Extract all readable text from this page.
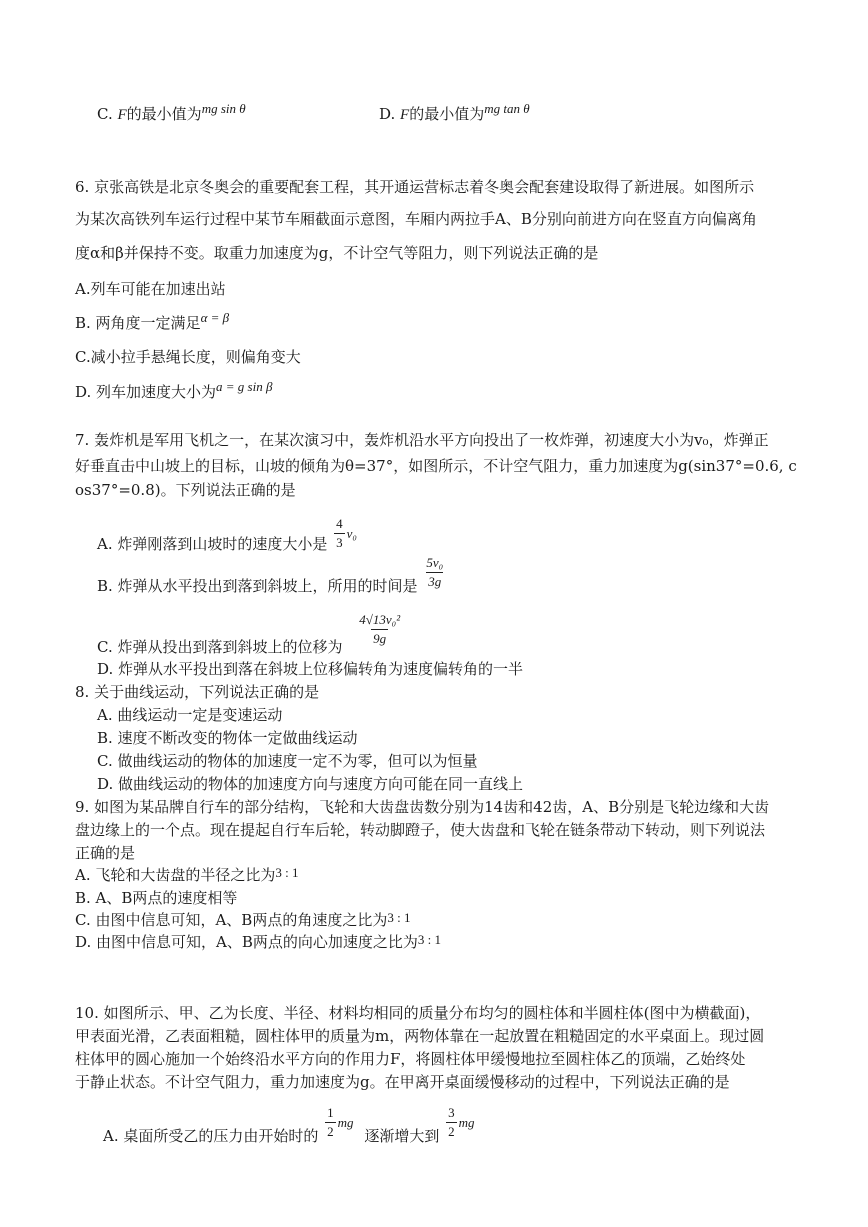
C. F的最小值为mg sin θ	D. F的最小值为mg tan θ
6. 京张高铁是北京冬奥会的重要配套工程，其开通运营标志着冬奥会配套建设取得了新进展。如图所示
为某次高铁列车运行过程中某节车厢截面示意图，车厢内两拉手A、B分别向前进方向在竖直方向偏离角
度α和β并保持不变。取重力加速度为g，不计空气等阻力，则下列说法正确的是
A.列车可能在加速出站
B. 两角度一定满足α = β
C.减小拉手悬绳长度，则偏角变大
D. 列车加速度大小为a = g sin β
7. 轰炸机是军用飞机之一，在某次演习中，轰炸机沿水平方向投出了一枚炸弹，初速度大小为v₀，炸弹正
好垂直击中山坡上的目标，山坡的倾角为θ=37°，如图所示，不计空气阻力，重力加速度为g(sin37°=0.6, c
os37°=0.8)。下列说法正确的是
A. 炸弹刚落到山坡时的速度大小是 $\frac{4}{3} v_0$
B. 炸弹从水平投出到落到斜坡上，所用的时间是 $\frac{\text{5v₀}}{3g}$
C. 炸弹从投出到落到斜坡上的位移为 $\frac{\text{4√13v₀²}}{9g}$
D. 炸弹从水平投出到落在斜坡上位移偏转角为速度偏转角的一半
8. 关于曲线运动，下列说法正确的是
A. 曲线运动一定是变速运动
B. 速度不断改变的物体一定做曲线运动
C. 做曲线运动的物体的加速度一定不为零，但可以为恒量
D. 做曲线运动的物体的加速度方向与速度方向可能在同一直线上
9. 如图为某品牌自行车的部分结构，飞轮和大齿盘齿数分别为14齿和42齿，A、B分别是飞轮边缘和大齿
盘边缘上的一个点。现在提起自行车后轮，转动脚蹬子，使大齿盘和飞轮在链条带动下转动，则下列说法
正确的是
A. 飞轮和大齿盘的半径之比为3 : 1
B. A、B两点的速度相等
C. 由图中信息可知，A、B两点的角速度之比为3 : 1
D. 由图中信息可知，A、B两点的向心加速度之比为3 : 1
10. 如图所示、甲、乙为长度、半径、材料均相同的质量分布均匀的圆柱体和半圆柱体(图中为横截面)，
甲表面光滑，乙表面粗糙，圆柱体甲的质量为m，两物体靠在一起放置在粗糙固定的水平桌面上。现过圆
柱体甲的圆心施加一个始终沿水平方向的作用力F，将圆柱体甲缓慢地拉至圆柱体乙的顶端，乙始终处
于静止状态。不计空气阻力，重力加速度为g。在甲离开桌面缓慢移动的过程中，下列说法正确的是
A. 桌面所受乙的压力由开始时的 $\frac{1}{2}$ mg 逐渐增大到 $\frac{3}{2}$ mg
